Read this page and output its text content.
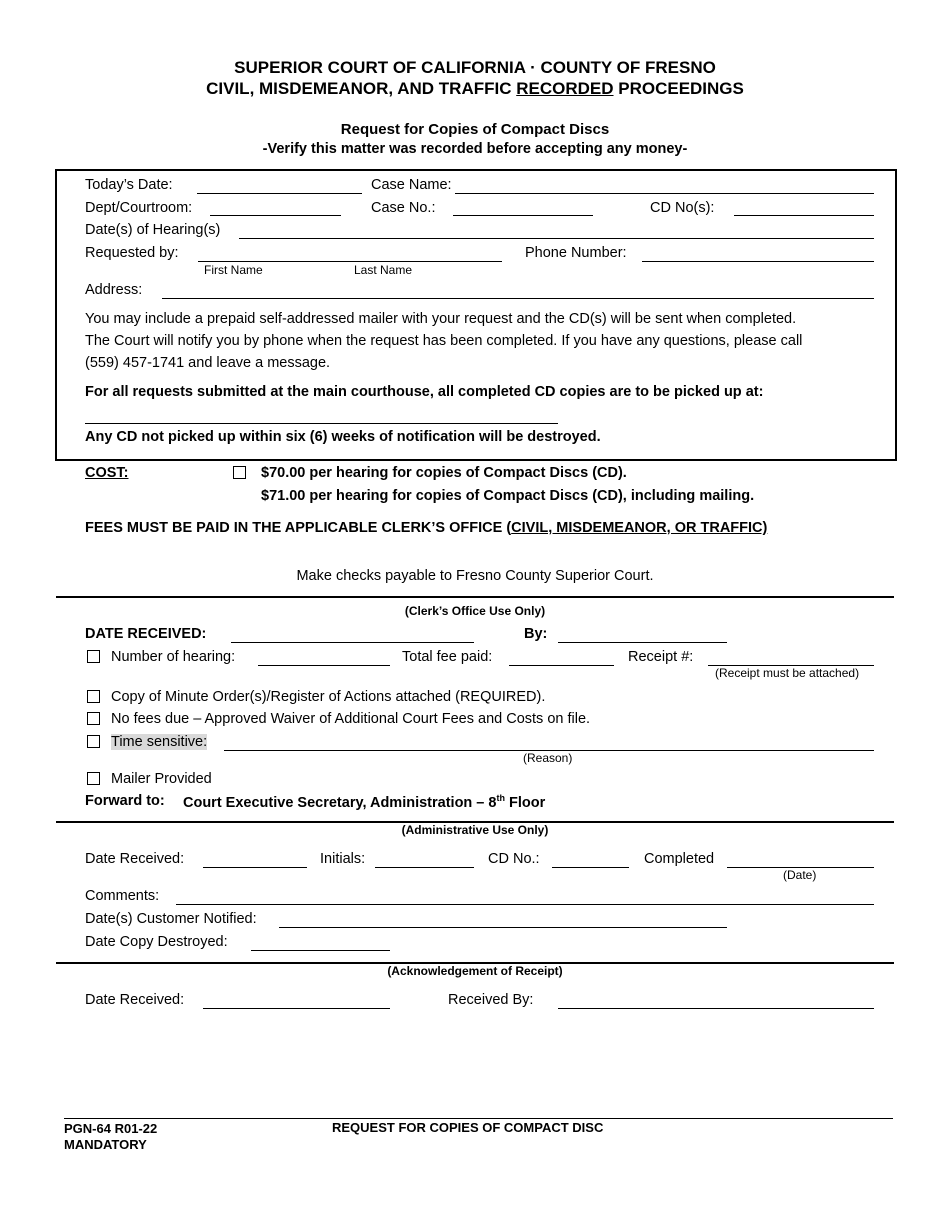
SUPERIOR COURT OF CALIFORNIA · COUNTY OF FRESNO
CIVIL, MISDEMEANOR, AND TRAFFIC RECORDED PROCEEDINGS
Request for Copies of Compact Discs
-Verify this matter was recorded before accepting any money-
Today’s Date:	Case Name:
Dept/Courtroom:	Case No.:	CD No(s):
Date(s) of Hearing(s)
Requested by:	Phone Number:
First Name	Last Name
Address:
You may include a prepaid self-addressed mailer with your request and the CD(s) will be sent when completed.
The Court will notify you by phone when the request has been completed. If you have any questions, please call
(559) 457-1741 and leave a message.
For all requests submitted at the main courthouse, all completed CD copies are to be picked up at:
Any CD not picked up within six (6) weeks of notification will be destroyed.
COST:	$70.00 per hearing for copies of Compact Discs (CD).
$71.00 per hearing for copies of Compact Discs (CD), including mailing.
FEES MUST BE PAID IN THE APPLICABLE CLERK’S OFFICE (CIVIL, MISDEMEANOR, OR TRAFFIC)
Make checks payable to Fresno County Superior Court.
(Clerk’s Office Use Only)
DATE RECEIVED:	By:
Number of hearing:	Total fee paid:	Receipt #:
(Receipt must be attached)
Copy of Minute Order(s)/Register of Actions attached (REQUIRED).
No fees due – Approved Waiver of Additional Court Fees and Costs on file.
Time sensitive:
(Reason)
Mailer Provided
Forward to: Court Executive Secretary, Administration – 8th Floor
(Administrative Use Only)
Date Received:	Initials:	CD No.:	Completed
(Date)
Comments:
Date(s) Customer Notified:
Date Copy Destroyed:
(Acknowledgement of Receipt)
Date Received:	Received By:
PGN-64 R01-22
MANDATORY
REQUEST FOR COPIES OF COMPACT DISC
